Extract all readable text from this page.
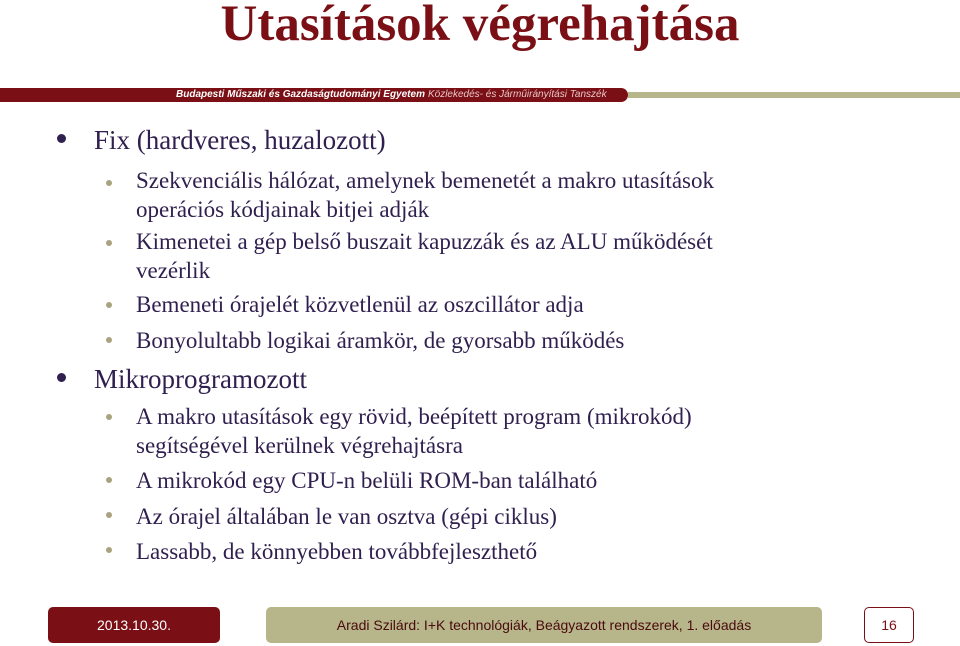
Utasítások végrehajtása
Budapesti Műszaki és Gazdaságtudományi Egyetem Közlekedés- és Járműirányítási Tanszék
Fix (hardveres, huzalozott)
Szekvenciális hálózat, amelynek bemenetét a makro utasítások
operációs kódjainak bitjei adják
Kimenetei a gép belső buszait kapuzzák és az ALU működését
vezérlik
Bemeneti órajelét közvetlenül az oszcillátor adja
Bonyolultabb logikai áramkör, de gyorsabb működés
Mikroprogramozott
A makro utasítások egy rövid, beépített program (mikrokód)
segítségével kerülnek végrehajtásra
A mikrokód egy CPU-n belüli ROM-ban található
Az órajel általában le van osztva (gépi ciklus)
Lassabb, de könnyebben továbbfejleszthető
2013.10.30.	Aradi Szilárd: I+K technológiák, Beágyazott rendszerek, 1. előadás	16
